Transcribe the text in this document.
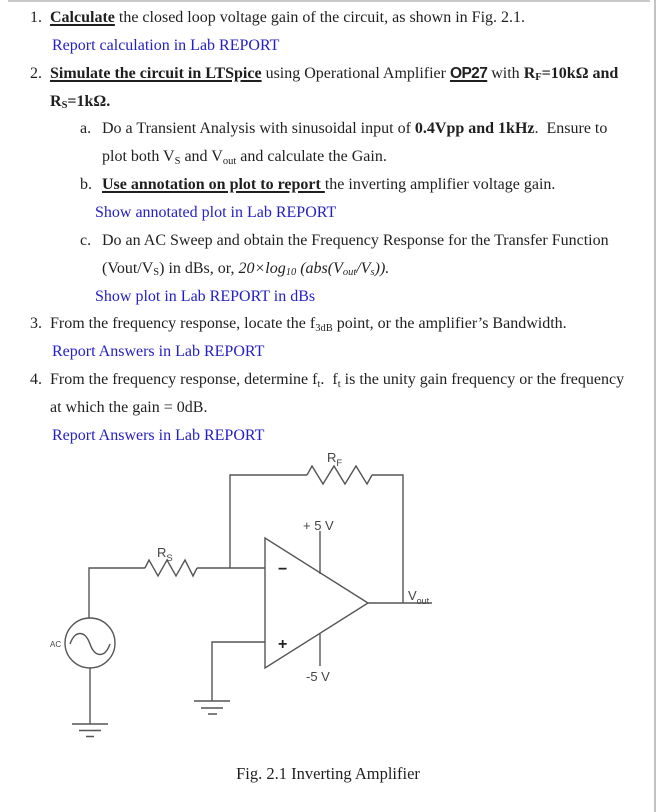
1. Calculate the closed loop voltage gain of the circuit, as shown in Fig. 2.1.
Report calculation in Lab REPORT
2. Simulate the circuit in LTSpice using Operational Amplifier OP27 with RF=10kΩ and
RS=1kΩ.
a. Do a Transient Analysis with sinusoidal input of 0.4Vpp and 1kHz.  Ensure to
plot both VS and Vout and calculate the Gain.
b. Use annotation on plot to report the inverting amplifier voltage gain.
Show annotated plot in Lab REPORT
c. Do an AC Sweep and obtain the Frequency Response for the Transfer Function
(Vout/VS) in dBs, or, 20×log10 (abs(Vout/Vs)).
Show plot in Lab REPORT in dBs
3. From the frequency response, locate the f3dB point, or the amplifier’s Bandwidth.
Report Answers in Lab REPORT
4. From the frequency response, determine ft.  ft is the unity gain frequency or the frequency
at which the gain = 0dB.
Report Answers in Lab REPORT
$R_F$
$R_S$
+ 5 V
-5 V
$V_{out}$
AC
−
+
Fig. 2.1 Inverting Amplifier
